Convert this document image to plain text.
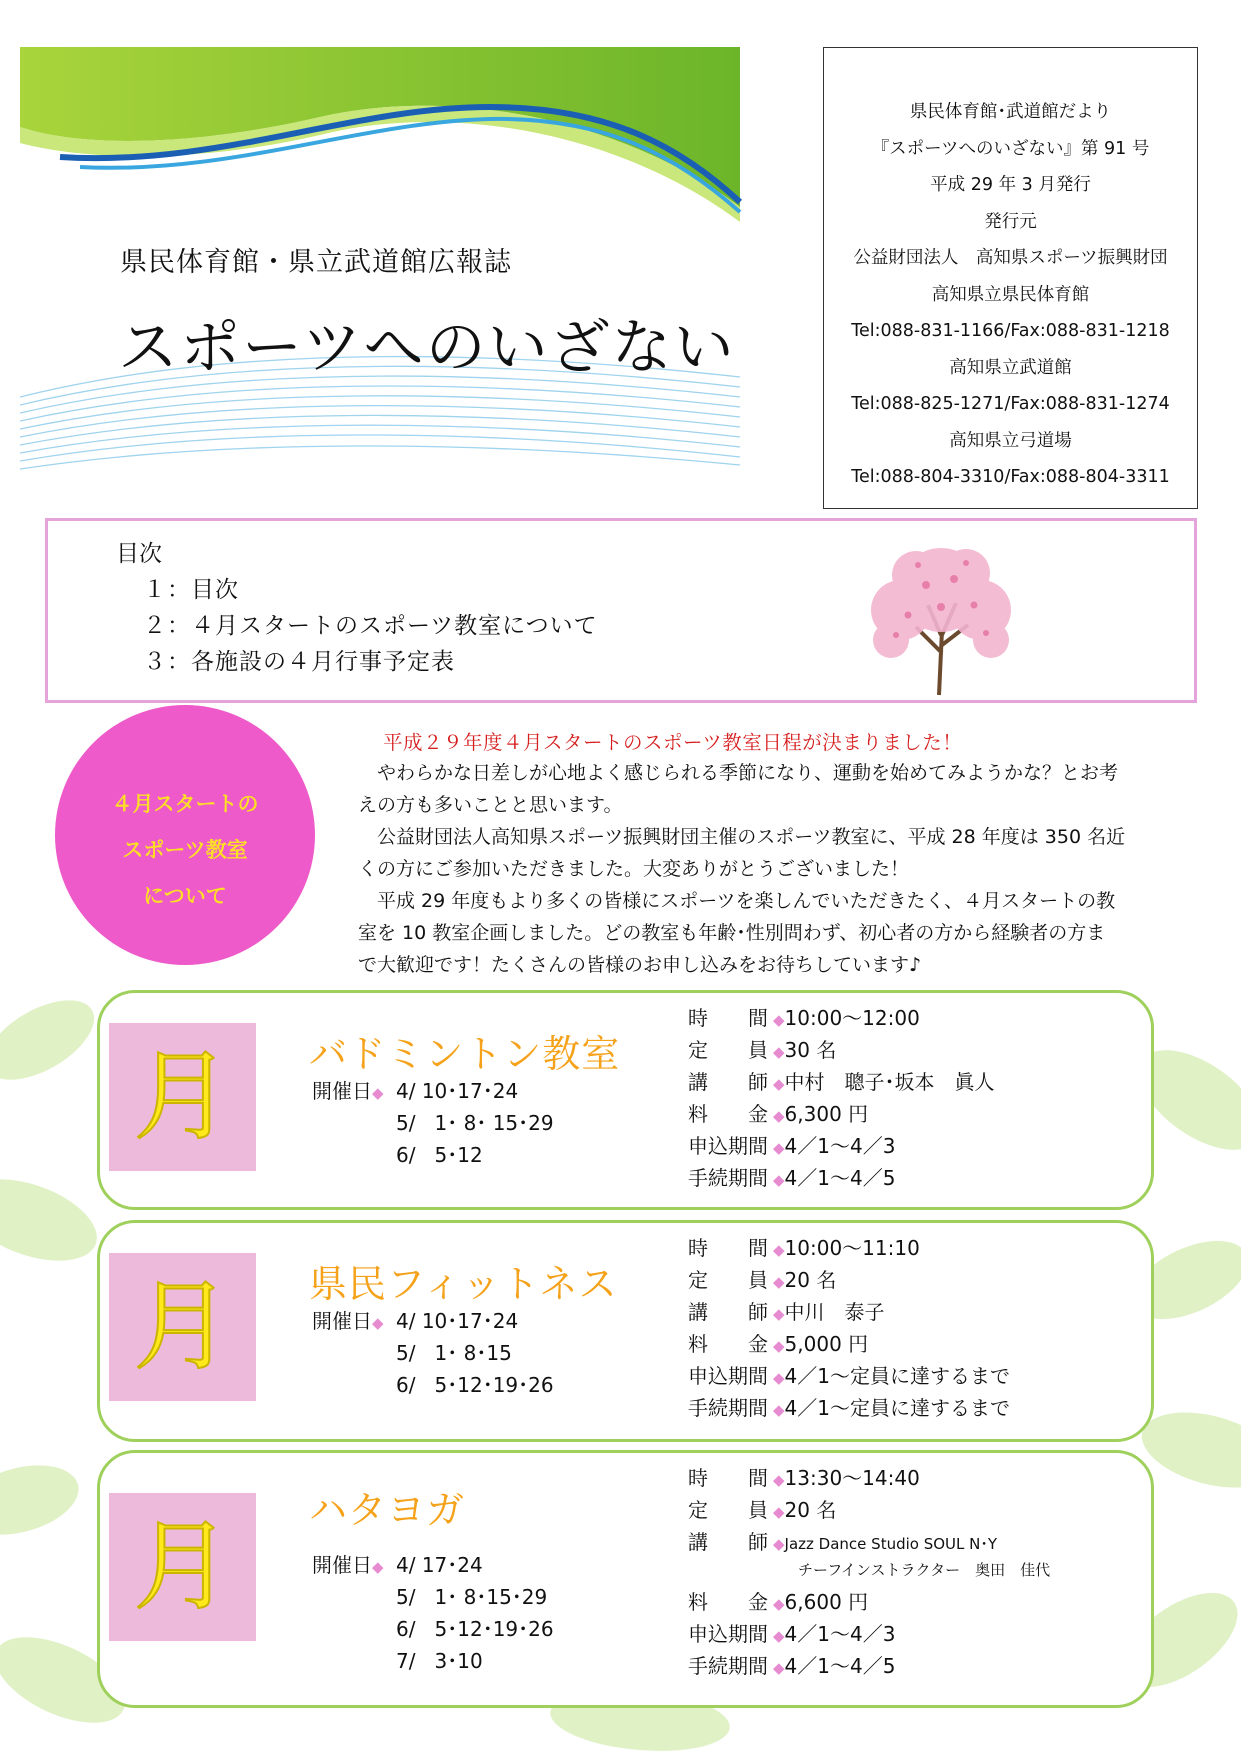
県民体育館・県立武道館広報誌
スポーツへのいざない
県民体育館･武道館だより
『スポーツへのいざない』第 91 号
平成 29 年 3 月発行
発行元
公益財団法人　高知県スポーツ振興財団
高知県立県民体育館
Tel:088-831-1166/Fax:088-831-1218
高知県立武道館
Tel:088-825-1271/Fax:088-831-1274
高知県立弓道場
Tel:088-804-3310/Fax:088-804-3311
目次
１：目次
２：４月スタートのスポーツ教室について
３：各施設の４月行事予定表
４月スタートの
スポーツ教室
について
平成２９年度４月スタートのスポーツ教室日程が決まりました！
　やわらかな日差しが心地よく感じられる季節になり、運動を始めてみようかな？とお考
えの方も多いことと思います。
　公益財団法人高知県スポーツ振興財団主催のスポーツ教室に、平成 28 年度は 350 名近
くの方にご参加いただきました。大変ありがとうございました！
　平成 29 年度もより多くの皆様にスポーツを楽しんでいただきたく、４月スタートの教
室を 10 教室企画しました。どの教室も年齢･性別問わず、初心者の方から経験者の方ま
で大歓迎です！たくさんの皆様のお申し込みをお待ちしています♪
月	バドミントン教室
開催日◆ 4/ 10･17･24
5/   1･ 8･ 15･29
6/   5･12
時　　間 ◆10:00～12:00
定　　員 ◆30 名
講　　師 ◆中村　聰子･坂本　眞人
料　　金 ◆6,300 円
申込期間 ◆4／1～4／3
手続期間 ◆4／1～4／5
月	県民フィットネス
開催日◆ 4/ 10･17･24
5/   1･ 8･15
6/   5･12･19･26
時　　間 ◆10:00～11:10
定　　員 ◆20 名
講　　師 ◆中川　泰子
料　　金 ◆5,000 円
申込期間 ◆4／1～定員に達するまで
手続期間 ◆4／1～定員に達するまで
月	ハタヨガ
開催日◆ 4/ 17･24
5/   1･ 8･15･29
6/   5･12･19･26
7/   3･10
時　　間 ◆13:30～14:40
定　　員 ◆20 名
講　　師 ◆Jazz Dance Studio SOUL N･Y
チーフインストラクター　奥田　佳代
料　　金 ◆6,600 円
申込期間 ◆4／1～4／3
手続期間 ◆4／1～4／5
